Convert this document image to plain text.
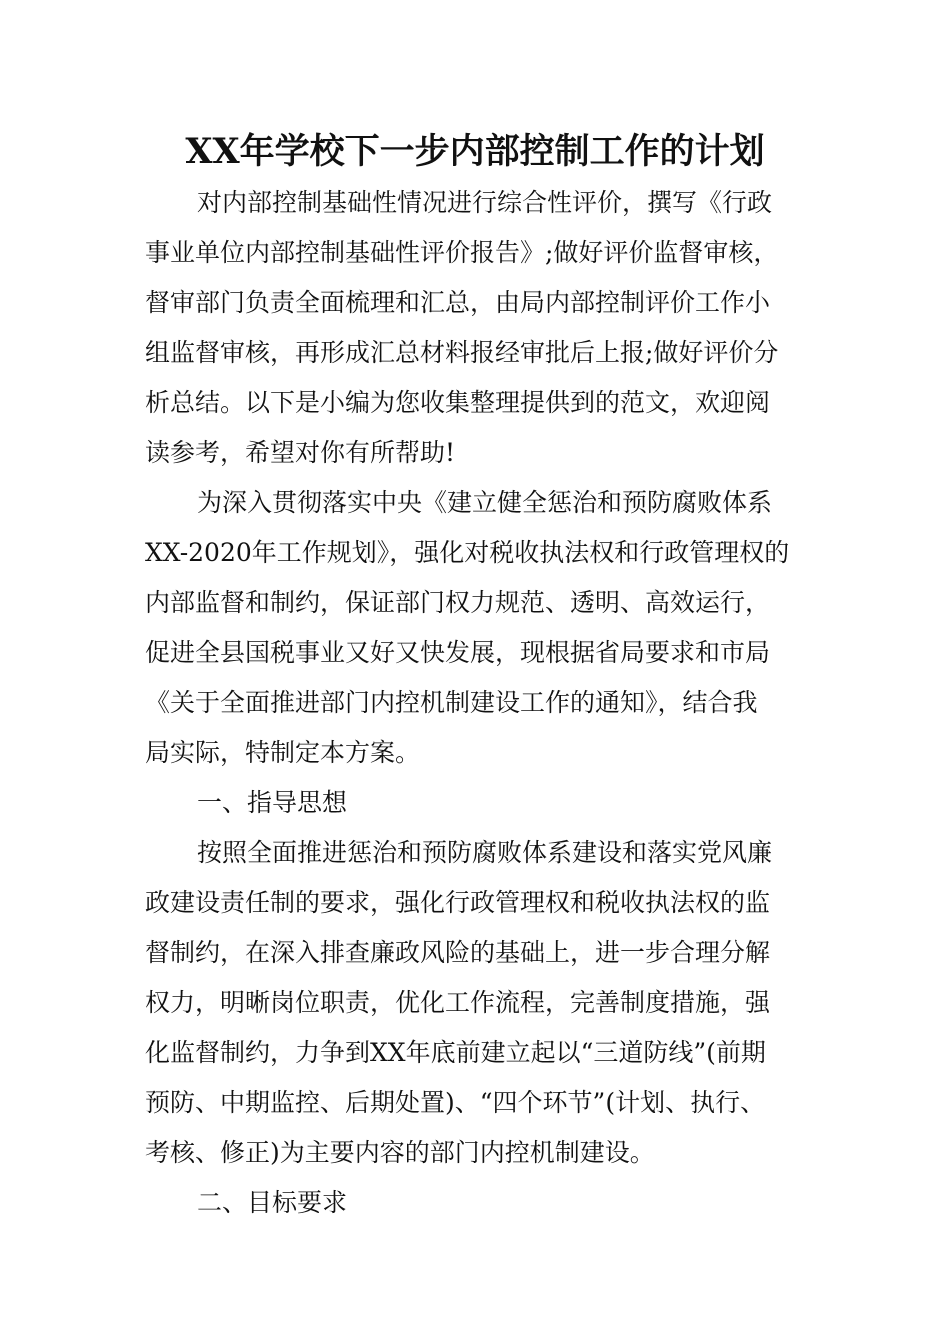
XX年学校下一步内部控制工作的计划
对内部控制基础性情况进行综合性评价，撰写《行政
事业单位内部控制基础性评价报告》;做好评价监督审核，
督审部门负责全面梳理和汇总，由局内部控制评价工作小
组监督审核，再形成汇总材料报经审批后上报;做好评价分
析总结。以下是小编为您收集整理提供到的范文，欢迎阅
读参考，希望对你有所帮助!
为深入贯彻落实中央《建立健全惩治和预防腐败体系
XX-2020年工作规划》，强化对税收执法权和行政管理权的
内部监督和制约，保证部门权力规范、透明、高效运行，
促进全县国税事业又好又快发展，现根据省局要求和市局
《关于全面推进部门内控机制建设工作的通知》，结合我
局实际，特制定本方案。
一、指导思想
按照全面推进惩治和预防腐败体系建设和落实党风廉
政建设责任制的要求，强化行政管理权和税收执法权的监
督制约，在深入排查廉政风险的基础上，进一步合理分解
权力，明晰岗位职责，优化工作流程，完善制度措施，强
化监督制约，力争到XX年底前建立起以“三道防线”(前期
预防、中期监控、后期处置)、“四个环节”(计划、执行、
考核、修正)为主要内容的部门内控机制建设。
二、目标要求
